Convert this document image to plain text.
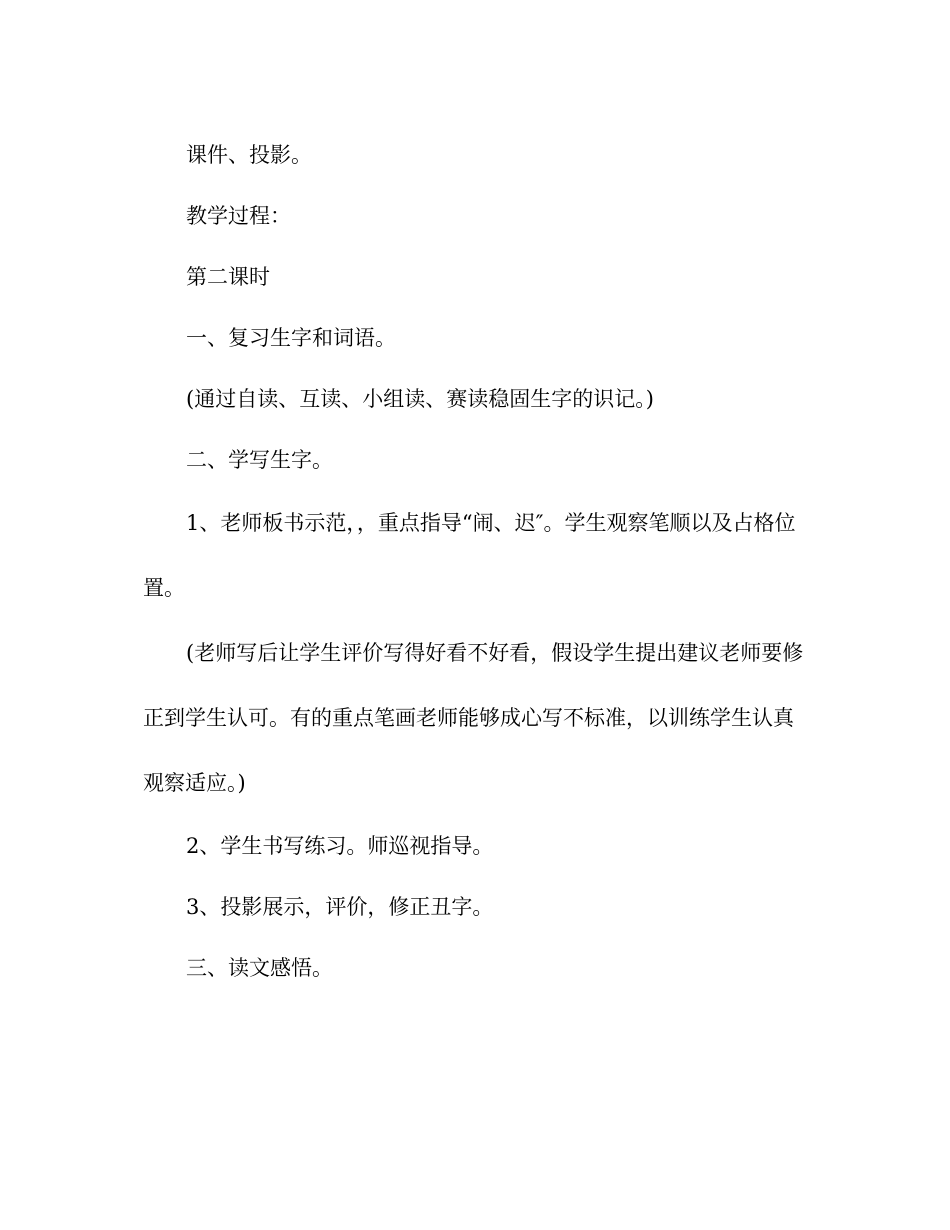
课件、投影。

教学过程：

第二课时

一、复习生字和词语。

(通过自读、互读、小组读、赛读稳固生字的识记。)

二、学写生字。

1、老师板书示范，，重点指导“闹、迟″。学生观察笔顺以及占格位置。

(老师写后让学生评价写得好看不好看，假设学生提出建议老师要修正到学生认可。有的重点笔画老师能够成心写不标准，以训练学生认真观察适应。)

2、学生书写练习。师巡视指导。

3、投影展示，评价，修正丑字。

三、读文感悟。
